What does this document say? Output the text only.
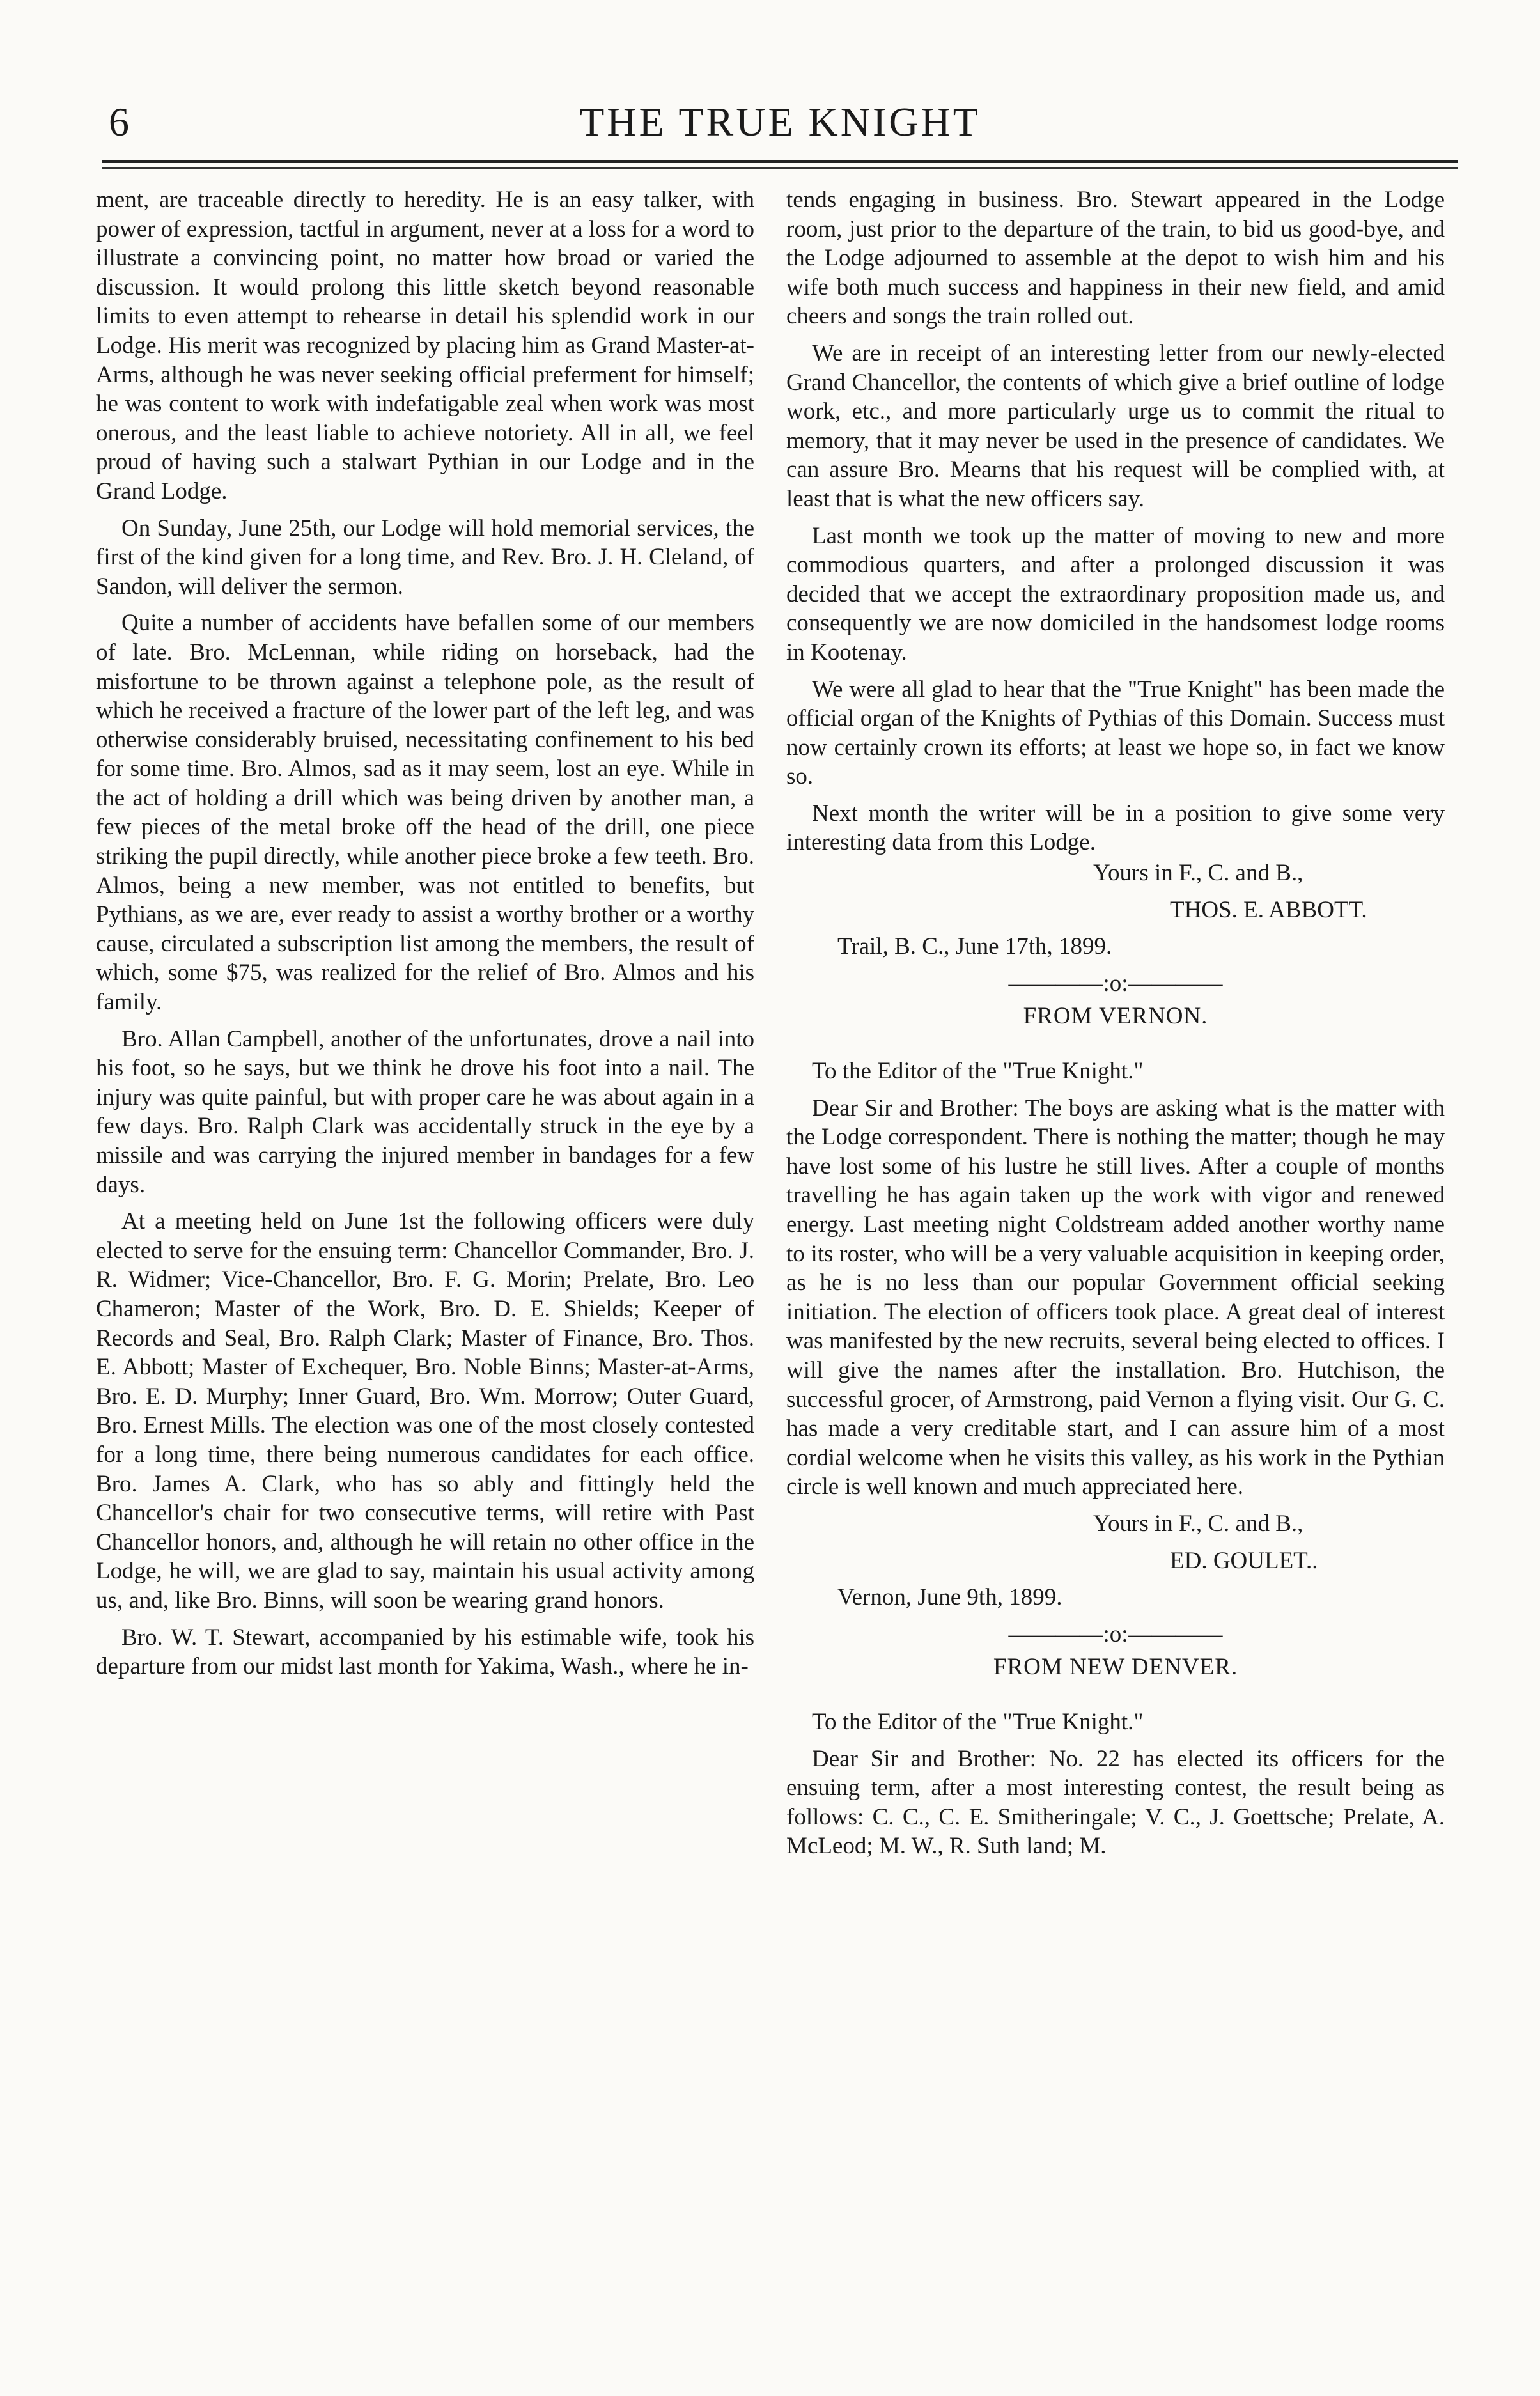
6	THE TRUE KNIGHT

ment, are traceable directly to heredity. He is an easy talker, with power of expression, tactful in argument, never at a loss for a word to illustrate a convincing point, no matter how broad or varied the discussion. It would prolong this little sketch beyond reasonable limits to even attempt to rehearse in detail his splendid work in our Lodge. His merit was recognized by placing him as Grand Master-at-Arms, although he was never seeking official preferment for himself; he was content to work with indefatigable zeal when work was most onerous, and the least liable to achieve notoriety. All in all, we feel proud of having such a stalwart Pythian in our Lodge and in the Grand Lodge.

On Sunday, June 25th, our Lodge will hold memorial services, the first of the kind given for a long time, and Rev. Bro. J. H. Cleland, of Sandon, will deliver the sermon.

Quite a number of accidents have befallen some of our members of late. Bro. McLennan, while riding on horseback, had the misfortune to be thrown against a telephone pole, as the result of which he received a fracture of the lower part of the left leg, and was otherwise considerably bruised, necessitating confinement to his bed for some time. Bro. Almos, sad as it may seem, lost an eye. While in the act of holding a drill which was being driven by another man, a few pieces of the metal broke off the head of the drill, one piece striking the pupil directly, while another piece broke a few teeth. Bro. Almos, being a new member, was not entitled to benefits, but Pythians, as we are, ever ready to assist a worthy brother or a worthy cause, circulated a subscription list among the members, the result of which, some $75, was realized for the relief of Bro. Almos and his family.

Bro. Allan Campbell, another of the unfortunates, drove a nail into his foot, so he says, but we think he drove his foot into a nail. The injury was quite painful, but with proper care he was about again in a few days. Bro. Ralph Clark was accidentally struck in the eye by a missile and was carrying the injured member in bandages for a few days.

At a meeting held on June 1st the following officers were duly elected to serve for the ensuing term: Chancellor Commander, Bro. J. R. Widmer; Vice-Chancellor, Bro. F. G. Morin; Prelate, Bro. Leo Chameron; Master of the Work, Bro. D. E. Shields; Keeper of Records and Seal, Bro. Ralph Clark; Master of Finance, Bro. Thos. E. Abbott; Master of Exchequer, Bro. Noble Binns; Master-at-Arms, Bro. E. D. Murphy; Inner Guard, Bro. Wm. Morrow; Outer Guard, Bro. Ernest Mills. The election was one of the most closely contested for a long time, there being numerous candidates for each office. Bro. James A. Clark, who has so ably and fittingly held the Chancellor's chair for two consecutive terms, will retire with Past Chancellor honors, and, although he will retain no other office in the Lodge, he will, we are glad to say, maintain his usual activity among us, and, like Bro. Binns, will soon be wearing grand honors.

Bro. W. T. Stewart, accompanied by his estimable wife, took his departure from our midst last month for Yakima, Wash., where he in-

tends engaging in business. Bro. Stewart appeared in the Lodge room, just prior to the departure of the train, to bid us good-bye, and the Lodge adjourned to assemble at the depot to wish him and his wife both much success and happiness in their new field, and amid cheers and songs the train rolled out.

We are in receipt of an interesting letter from our newly-elected Grand Chancellor, the contents of which give a brief outline of lodge work, etc., and more particularly urge us to commit the ritual to memory, that it may never be used in the presence of candidates. We can assure Bro. Mearns that his request will be complied with, at least that is what the new officers say.

Last month we took up the matter of moving to new and more commodious quarters, and after a prolonged discussion it was decided that we accept the extraordinary proposition made us, and consequently we are now domiciled in the handsomest lodge rooms in Kootenay.

We were all glad to hear that the "True Knight" has been made the official organ of the Knights of Pythias of this Domain. Success must now certainly crown its efforts; at least we hope so, in fact we know so.

Next month the writer will be in a position to give some very interesting data from this Lodge.

Yours in F., C. and B.,

THOS. E. ABBOTT.

Trail, B. C., June 17th, 1899.

————:o:————
FROM VERNON.

To the Editor of the "True Knight."

Dear Sir and Brother: The boys are asking what is the matter with the Lodge correspondent. There is nothing the matter; though he may have lost some of his lustre he still lives. After a couple of months travelling he has again taken up the work with vigor and renewed energy. Last meeting night Coldstream added another worthy name to its roster, who will be a very valuable acquisition in keeping order, as he is no less than our popular Government official seeking initiation. The election of officers took place. A great deal of interest was manifested by the new recruits, several being elected to offices. I will give the names after the installation. Bro. Hutchison, the successful grocer, of Armstrong, paid Vernon a flying visit. Our G. C. has made a very creditable start, and I can assure him of a most cordial welcome when he visits this valley, as his work in the Pythian circle is well known and much appreciated here.

Yours in F., C. and B.,

ED. GOULET..

Vernon, June 9th, 1899.

————:o:————
FROM NEW DENVER.

To the Editor of the "True Knight."

Dear Sir and Brother: No. 22 has elected its officers for the ensuing term, after a most interesting contest, the result being as follows: C. C., C. E. Smitheringale; V. C., J. Goettsche; Prelate, A. McLeod; M. W., R. Suth land; M.
